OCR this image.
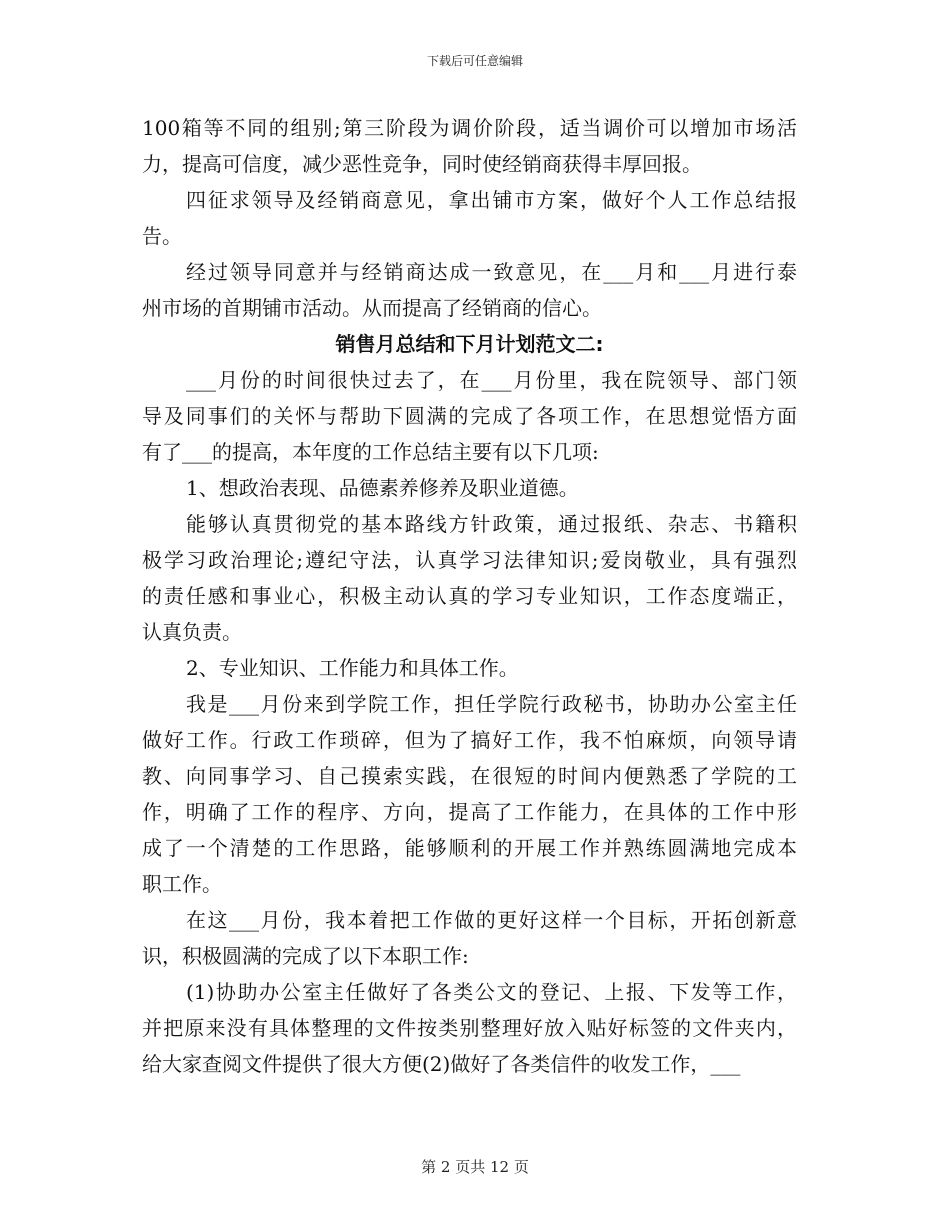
下载后可任意编辑
100箱等不同的组别;第三阶段为调价阶段，适当调价可以增加市场活
力，提高可信度，减少恶性竞争，同时使经销商获得丰厚回报。
四征求领导及经销商意见，拿出铺市方案，做好个人工作总结报
告。
经过领导同意并与经销商达成一致意见，在___月和___月进行泰
州市场的首期铺市活动。从而提高了经销商的信心。
销售月总结和下月计划范文二:
___月份的时间很快过去了，在___月份里，我在院领导、部门领
导及同事们的关怀与帮助下圆满的完成了各项工作，在思想觉悟方面
有了___的提高，本年度的工作总结主要有以下几项:
1、想政治表现、品德素养修养及职业道德。
能够认真贯彻党的基本路线方针政策，通过报纸、杂志、书籍积
极学习政治理论;遵纪守法，认真学习法律知识;爱岗敬业，具有强烈
的责任感和事业心，积极主动认真的学习专业知识，工作态度端正，
认真负责。
2、专业知识、工作能力和具体工作。
我是___月份来到学院工作，担任学院行政秘书，协助办公室主任
做好工作。行政工作琐碎，但为了搞好工作，我不怕麻烦，向领导请
教、向同事学习、自己摸索实践，在很短的时间内便熟悉了学院的工
作，明确了工作的程序、方向，提高了工作能力，在具体的工作中形
成了一个清楚的工作思路，能够顺利的开展工作并熟练圆满地完成本
职工作。
在这___月份，我本着把工作做的更好这样一个目标，开拓创新意
识，积极圆满的完成了以下本职工作:
(1)协助办公室主任做好了各类公文的登记、上报、下发等工作，
并把原来没有具体整理的文件按类别整理好放入贴好标签的文件夹内，
给大家查阅文件提供了很大方便(2)做好了各类信件的收发工作，___
第 2 页共 12 页
